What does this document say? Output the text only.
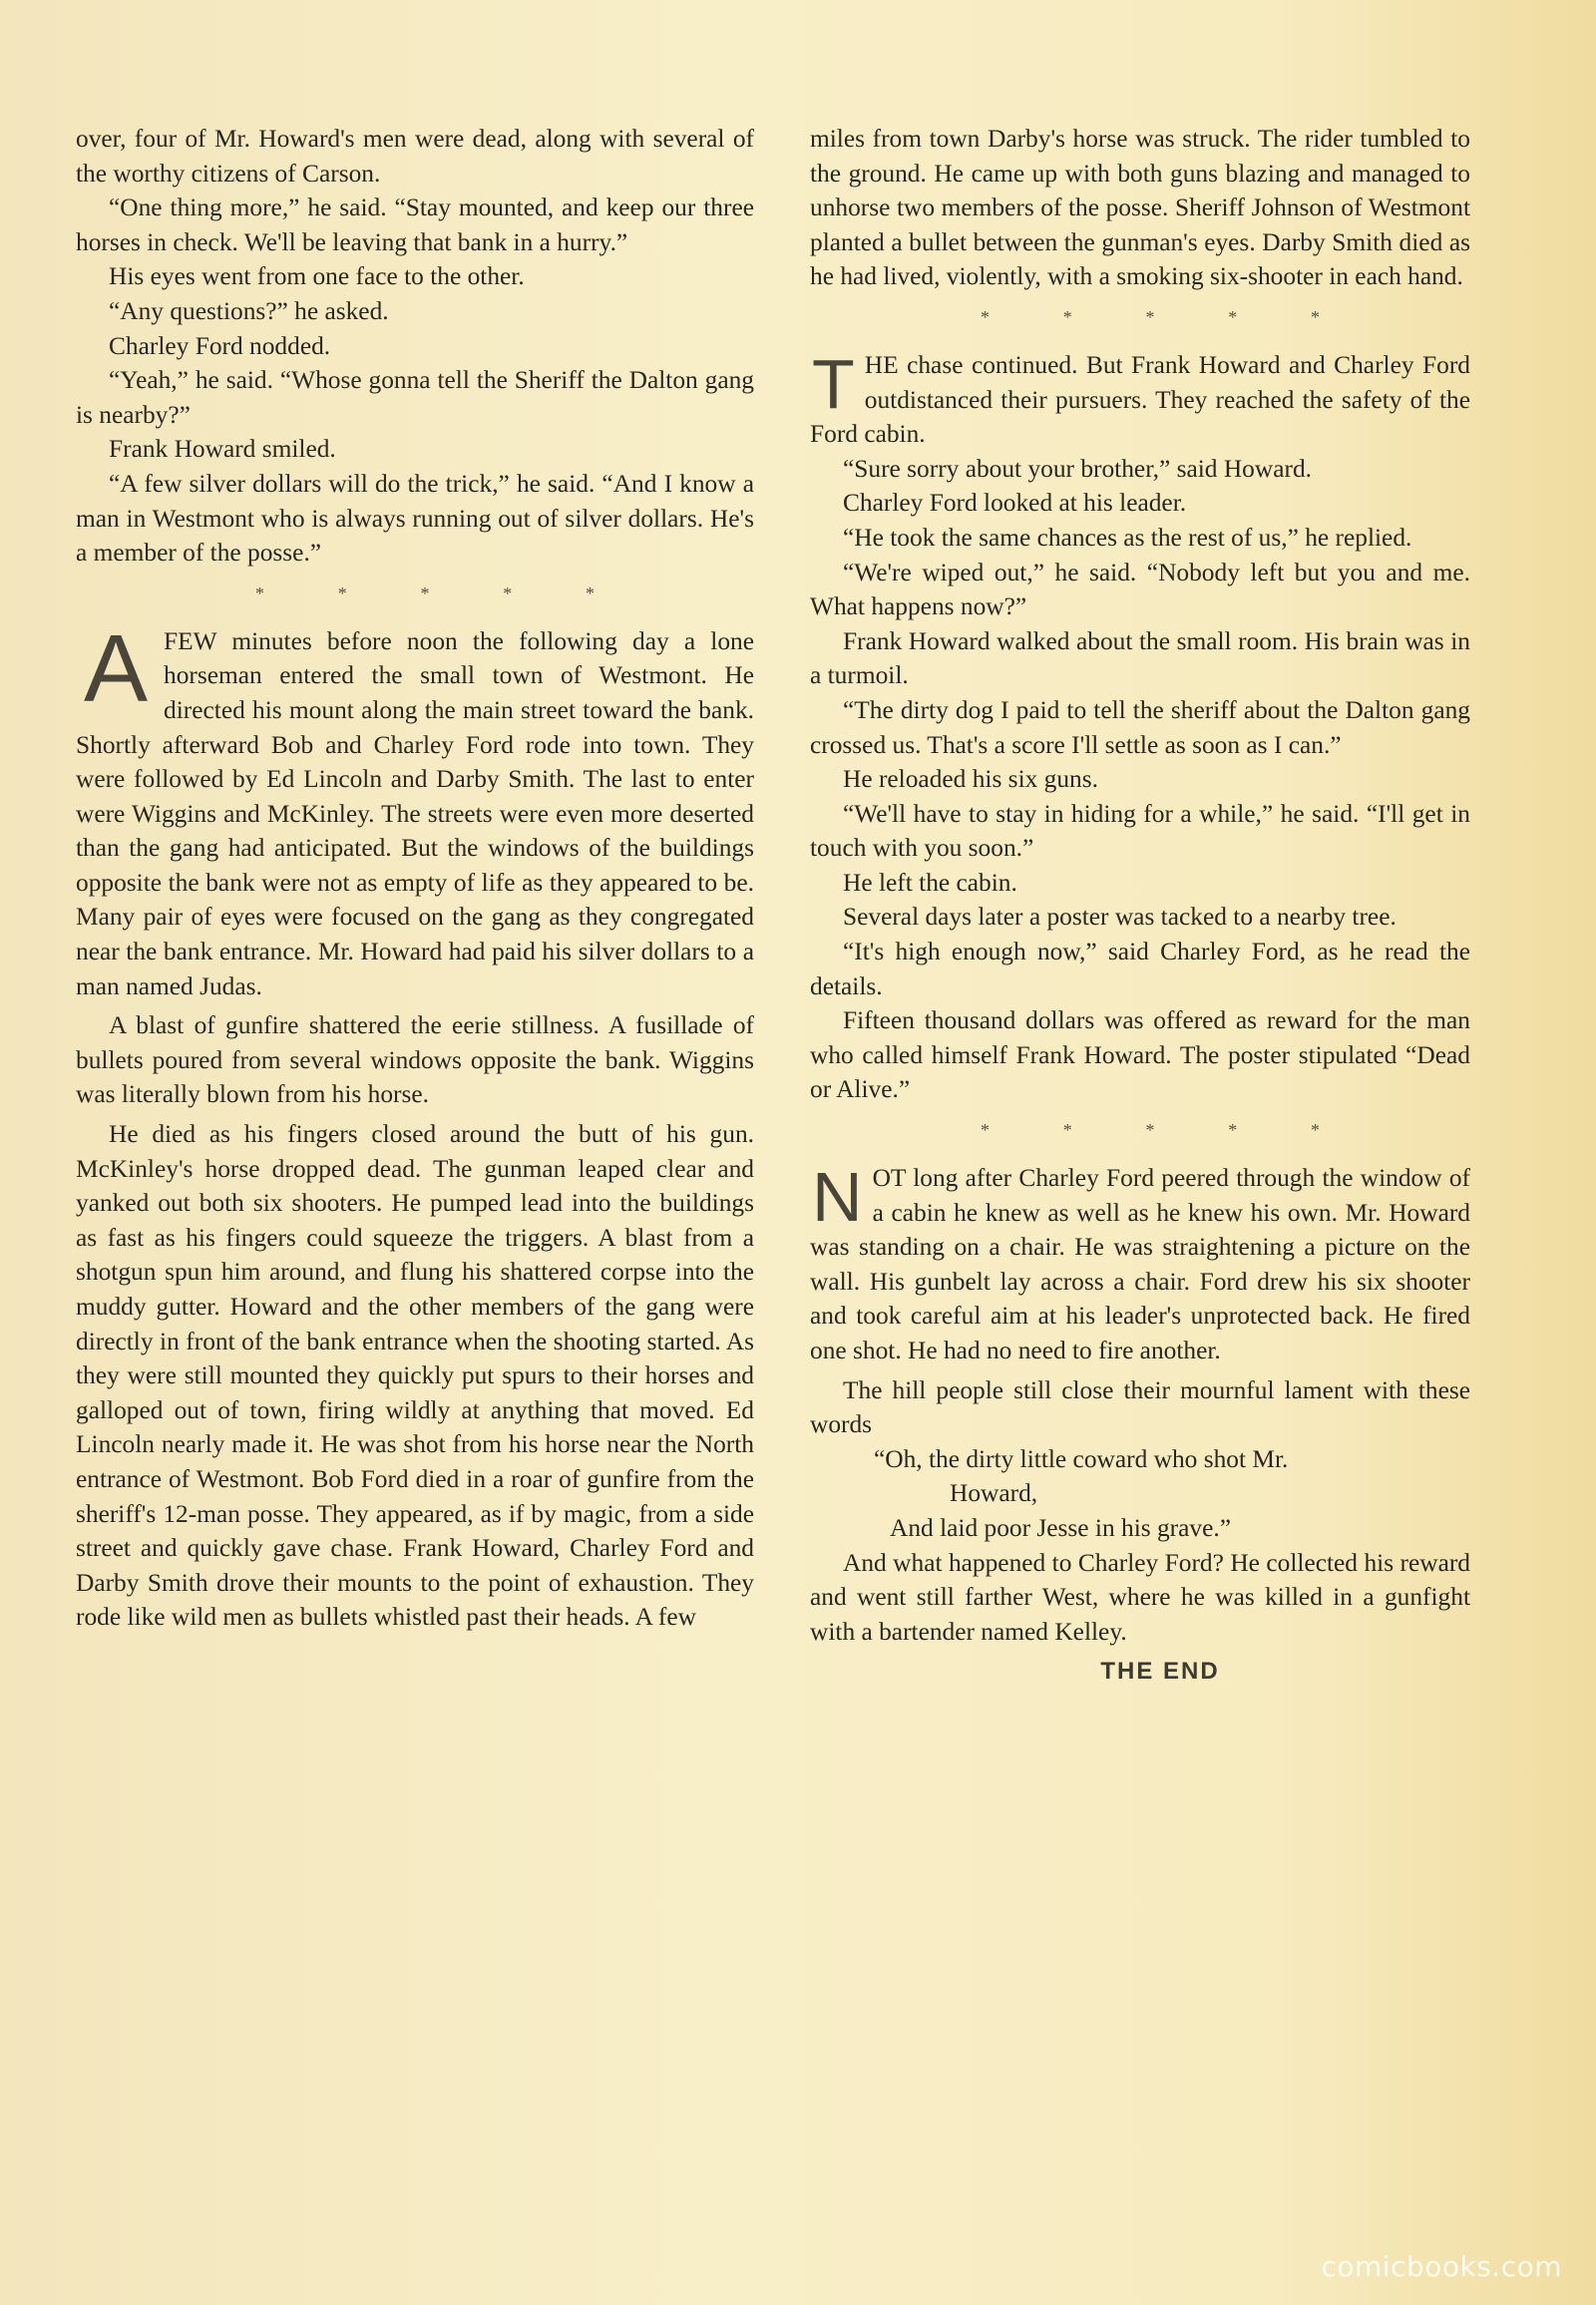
over, four of Mr. Howard's men were dead, along with several of the worthy citizens of Carson.

“One thing more,” he said. “Stay mounted, and keep our three horses in check. We'll be leaving that bank in a hurry.”

His eyes went from one face to the other.

“Any questions?” he asked.

Charley Ford nodded.

“Yeah,” he said. “Whose gonna tell the Sheriff the Dalton gang is nearby?”

Frank Howard smiled.

“A few silver dollars will do the trick,” he said. “And I know a man in Westmont who is always running out of silver dollars. He's a member of the posse.”

*	*	*	*	*

AFEW minutes before noon the following day a lone horseman entered the small town of Westmont. He directed his mount along the main street toward the bank. Shortly afterward Bob and Charley Ford rode into town. They were followed by Ed Lincoln and Darby Smith. The last to enter were Wiggins and McKinley. The streets were even more deserted than the gang had anticipated. But the windows of the buildings opposite the bank were not as empty of life as they appeared to be. Many pair of eyes were focused on the gang as they congregated near the bank entrance. Mr. Howard had paid his silver dollars to a man named Judas.

A blast of gunfire shattered the eerie stillness. A fusillade of bullets poured from several windows opposite the bank. Wiggins was literally blown from his horse.

He died as his fingers closed around the butt of his gun. McKinley's horse dropped dead. The gunman leaped clear and yanked out both six shooters. He pumped lead into the buildings as fast as his fingers could squeeze the triggers. A blast from a shotgun spun him around, and flung his shattered corpse into the muddy gutter. Howard and the other members of the gang were directly in front of the bank entrance when the shooting started. As they were still mounted they quickly put spurs to their horses and galloped out of town, firing wildly at anything that moved. Ed Lincoln nearly made it. He was shot from his horse near the North entrance of Westmont. Bob Ford died in a roar of gunfire from the sheriff's 12-man posse. They appeared, as if by magic, from a side street and quickly gave chase. Frank Howard, Charley Ford and Darby Smith drove their mounts to the point of exhaustion. They rode like wild men as bullets whistled past their heads. A few

miles from town Darby's horse was struck. The rider tumbled to the ground. He came up with both guns blazing and managed to unhorse two members of the posse. Sheriff Johnson of Westmont planted a bullet between the gunman's eyes. Darby Smith died as he had lived, violently, with a smoking six-shooter in each hand.

*	*	*	*	*

THE chase continued. But Frank Howard and Charley Ford outdistanced their pursuers. They reached the safety of the Ford cabin.

“Sure sorry about your brother,” said Howard.

Charley Ford looked at his leader.

“He took the same chances as the rest of us,” he replied.

“We're wiped out,” he said. “Nobody left but you and me. What happens now?”

Frank Howard walked about the small room. His brain was in a turmoil.

“The dirty dog I paid to tell the sheriff about the Dalton gang crossed us. That's a score I'll settle as soon as I can.”

He reloaded his six guns.

“We'll have to stay in hiding for a while,” he said. “I'll get in touch with you soon.”

He left the cabin.

Several days later a poster was tacked to a nearby tree.

“It's high enough now,” said Charley Ford, as he read the details.

Fifteen thousand dollars was offered as reward for the man who called himself Frank Howard. The poster stipulated “Dead or Alive.”

*	*	*	*	*

NOT long after Charley Ford peered through the window of a cabin he knew as well as he knew his own. Mr. Howard was standing on a chair. He was straightening a picture on the wall. His gunbelt lay across a chair. Ford drew his six shooter and took careful aim at his leader's unprotected back. He fired one shot. He had no need to fire another.

The hill people still close their mournful lament with these words

“Oh, the dirty little coward who shot Mr.

Howard,

And laid poor Jesse in his grave.”

And what happened to Charley Ford? He collected his reward and went still farther West, where he was killed in a gunfight with a bartender named Kelley.

THE END
comicbooks.com
